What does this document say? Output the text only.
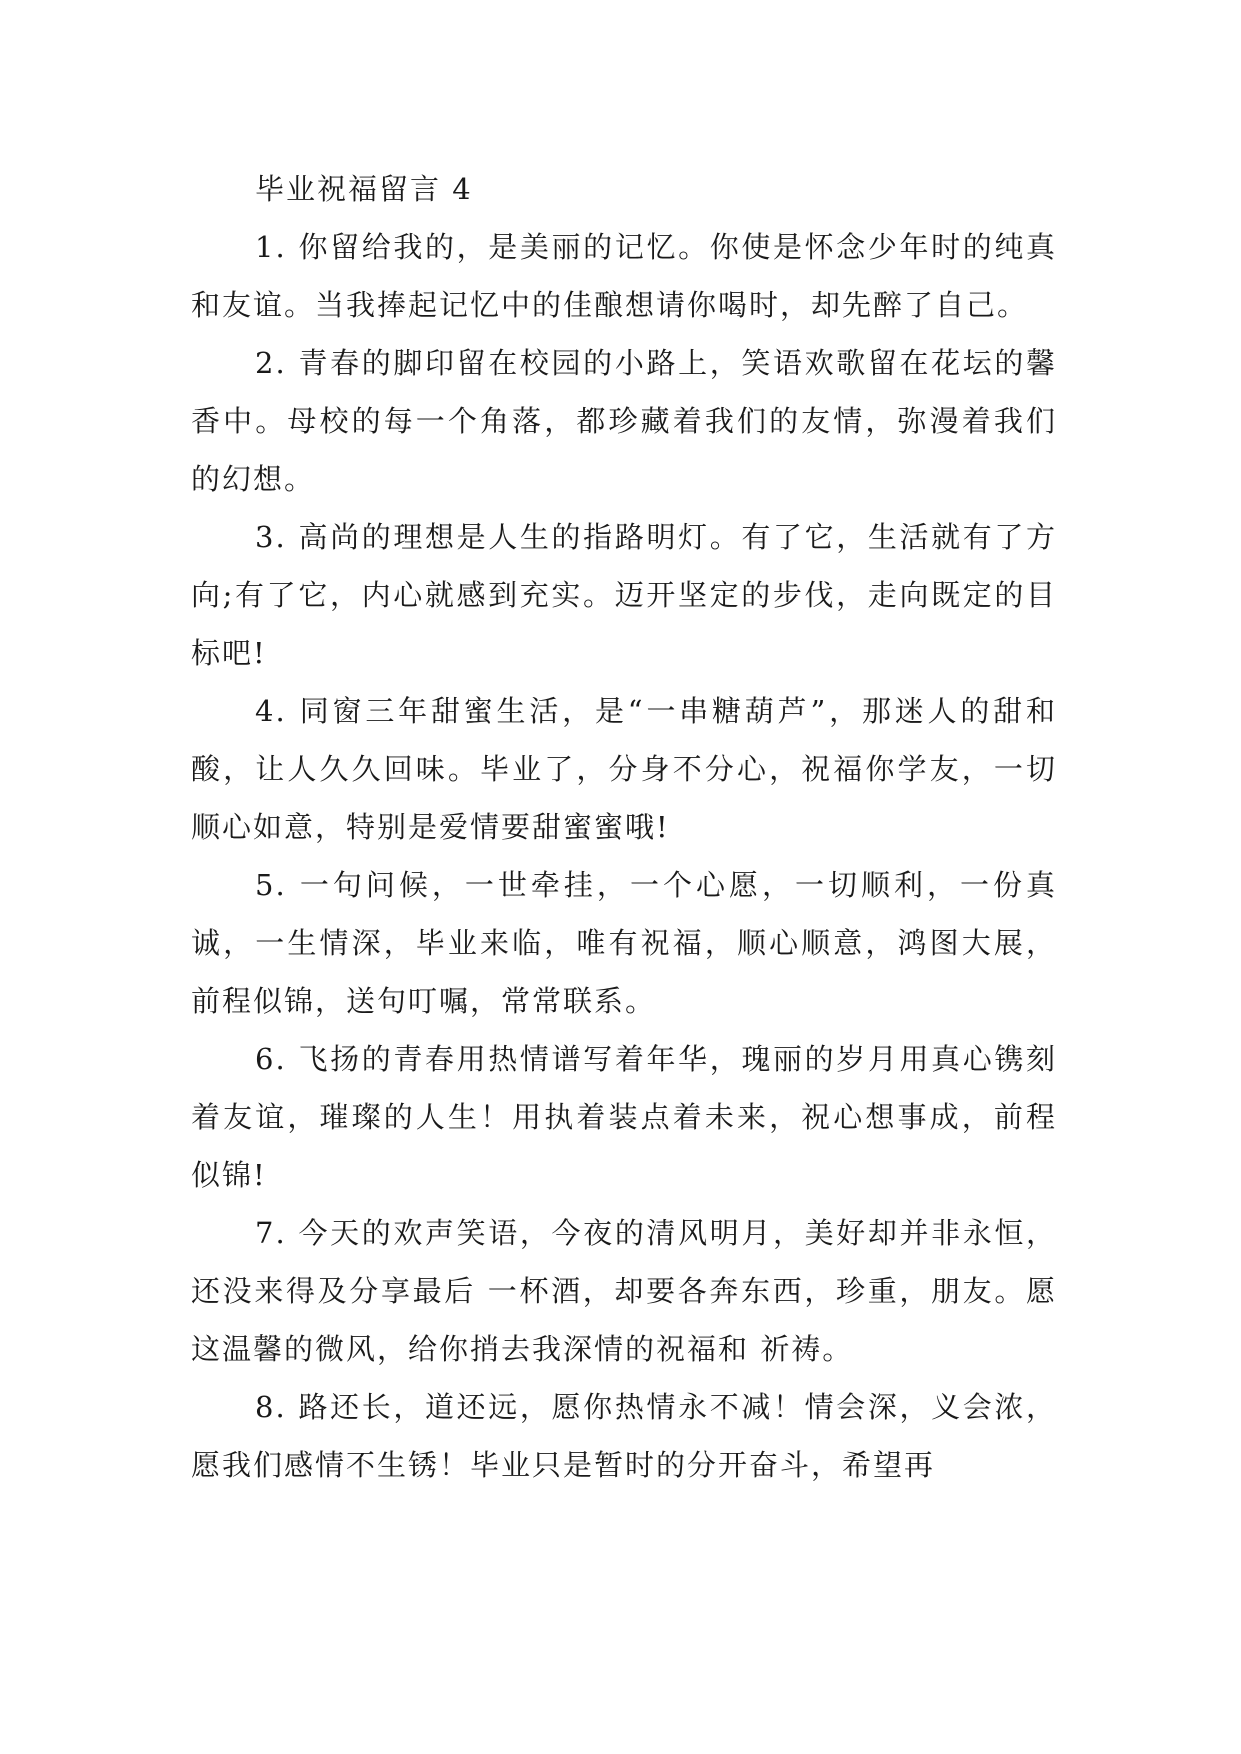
毕业祝福留言 4

1. 你留给我的，是美丽的记忆。你使是怀念少年时的纯真和友谊。当我捧起记忆中的佳酿想请你喝时，却先醉了自己。

2. 青春的脚印留在校园的小路上，笑语欢歌留在花坛的馨香中。母校的每一个角落，都珍藏着我们的友情，弥漫着我们的幻想。

3. 高尚的理想是人生的指路明灯。有了它，生活就有了方向;有了它，内心就感到充实。迈开坚定的步伐，走向既定的目标吧!

4. 同窗三年甜蜜生活，是“一串糖葫芦”，那迷人的甜和酸，让人久久回味。毕业了，分身不分心，祝福你学友，一切顺心如意，特别是爱情要甜蜜蜜哦!

5. 一句问候，一世牵挂，一个心愿，一切顺利，一份真诚，一生情深，毕业来临，唯有祝福，顺心顺意，鸿图大展，前程似锦，送句叮嘱，常常联系。

6. 飞扬的青春用热情谱写着年华，瑰丽的岁月用真心镌刻着友谊，璀璨的人生！用执着装点着未来，祝心想事成，前程似锦!

7. 今天的欢声笑语，今夜的清风明月，美好却并非永恒，还没来得及分享最后 一杯酒，却要各奔东西，珍重，朋友。愿这温馨的微风，给你捎去我深情的祝福和 祈祷。

8. 路还长，道还远，愿你热情永不减！情会深，义会浓，愿我们感情不生锈！毕业只是暂时的分开奋斗，希望再
